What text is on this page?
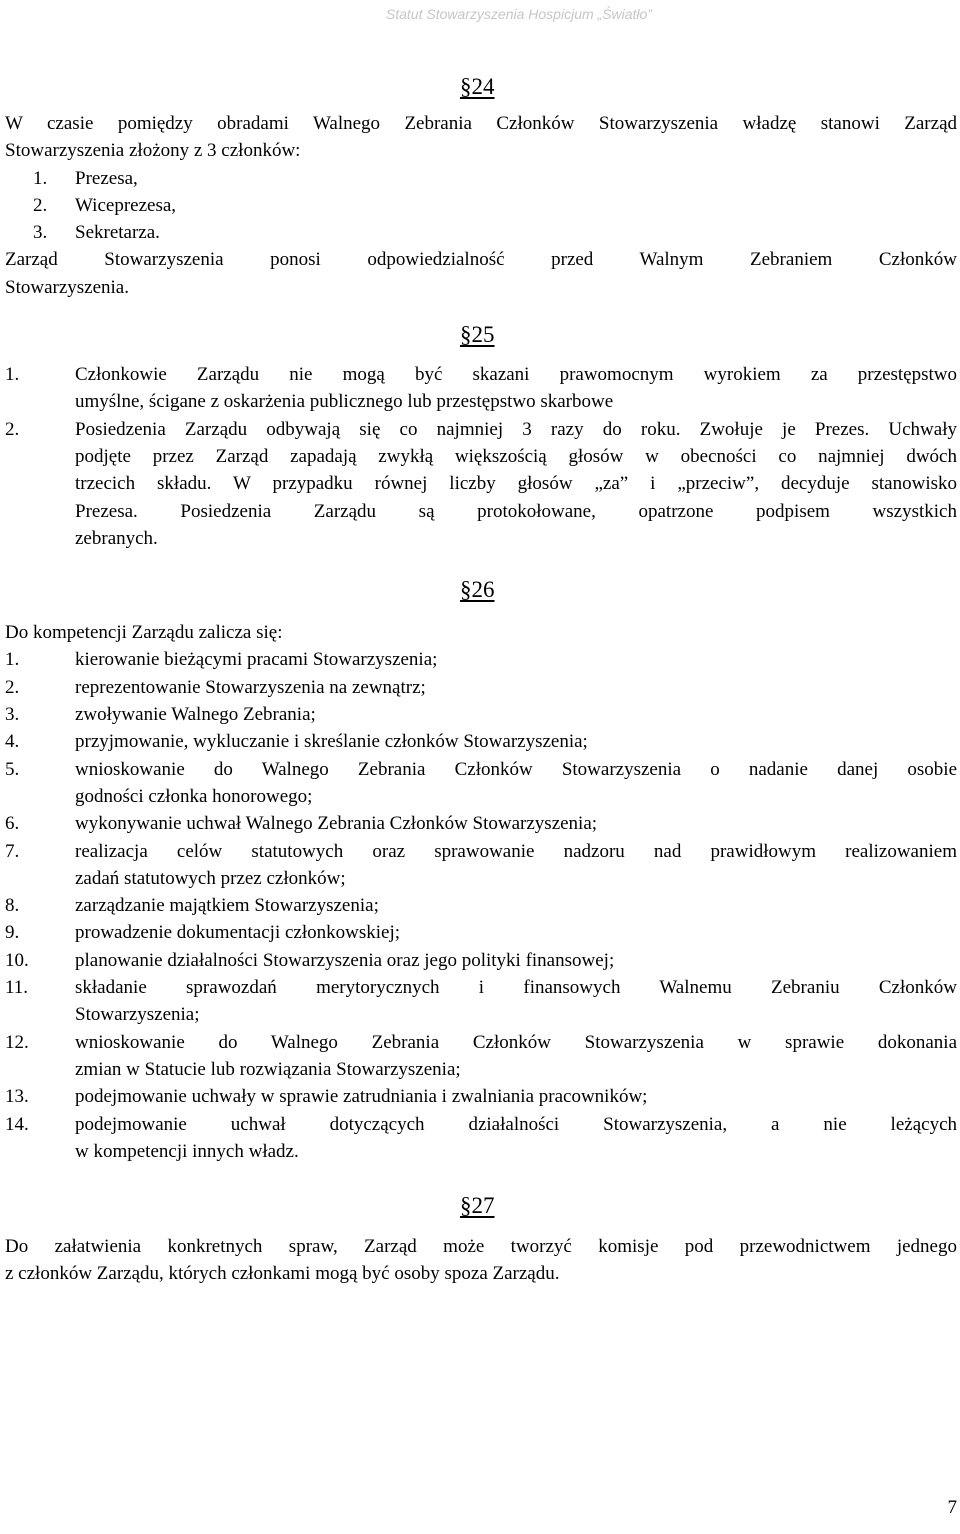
Statut Stowarzyszenia Hospicjum „Światło”
§24
W czasie pomiędzy obradami Walnego Zebrania Członków Stowarzyszenia władzę stanowi Zarząd
Stowarzyszenia złożony z 3 członków:
1. Prezesa,
2. Wiceprezesa,
3. Sekretarza.
Zarząd Stowarzyszenia ponosi odpowiedzialność przed Walnym Zebraniem Członków
Stowarzyszenia.
§25
1.	Członkowie Zarządu nie mogą być skazani prawomocnym wyrokiem za przestępstwo
umyślne, ścigane z oskarżenia publicznego lub przestępstwo skarbowe
2.	Posiedzenia Zarządu odbywają się co najmniej 3 razy do roku. Zwołuje je Prezes. Uchwały
podjęte przez Zarząd zapadają zwykłą większością głosów w obecności co najmniej dwóch
trzecich składu. W przypadku równej liczby głosów „za” i „przeciw”, decyduje stanowisko
Prezesa. Posiedzenia Zarządu są protokołowane, opatrzone podpisem wszystkich
zebranych.
§26
Do kompetencji Zarządu zalicza się:
1.	kierowanie bieżącymi pracami Stowarzyszenia;
2.	reprezentowanie Stowarzyszenia na zewnątrz;
3.	zwoływanie Walnego Zebrania;
4.	przyjmowanie, wykluczanie i skreślanie członków Stowarzyszenia;
5.	wnioskowanie do Walnego Zebrania Członków Stowarzyszenia o nadanie danej osobie
godności członka honorowego;
6.	wykonywanie uchwał Walnego Zebrania Członków Stowarzyszenia;
7.	realizacja celów statutowych oraz sprawowanie nadzoru nad prawidłowym realizowaniem
zadań statutowych przez członków;
8.	zarządzanie majątkiem Stowarzyszenia;
9.	prowadzenie dokumentacji członkowskiej;
10. planowanie działalności Stowarzyszenia oraz jego polityki finansowej;
11. składanie sprawozdań merytorycznych i finansowych Walnemu Zebraniu Członków
Stowarzyszenia;
12. wnioskowanie do Walnego Zebrania Członków Stowarzyszenia w sprawie dokonania
zmian w Statucie lub rozwiązania Stowarzyszenia;
13. podejmowanie uchwały w sprawie zatrudniania i zwalniania pracowników;
14. podejmowanie uchwał dotyczących działalności Stowarzyszenia, a nie leżących
w kompetencji innych władz.
§27
Do załatwienia konkretnych spraw, Zarząd może tworzyć komisje pod przewodnictwem jednego
z członków Zarządu, których członkami mogą być osoby spoza Zarządu.
7
